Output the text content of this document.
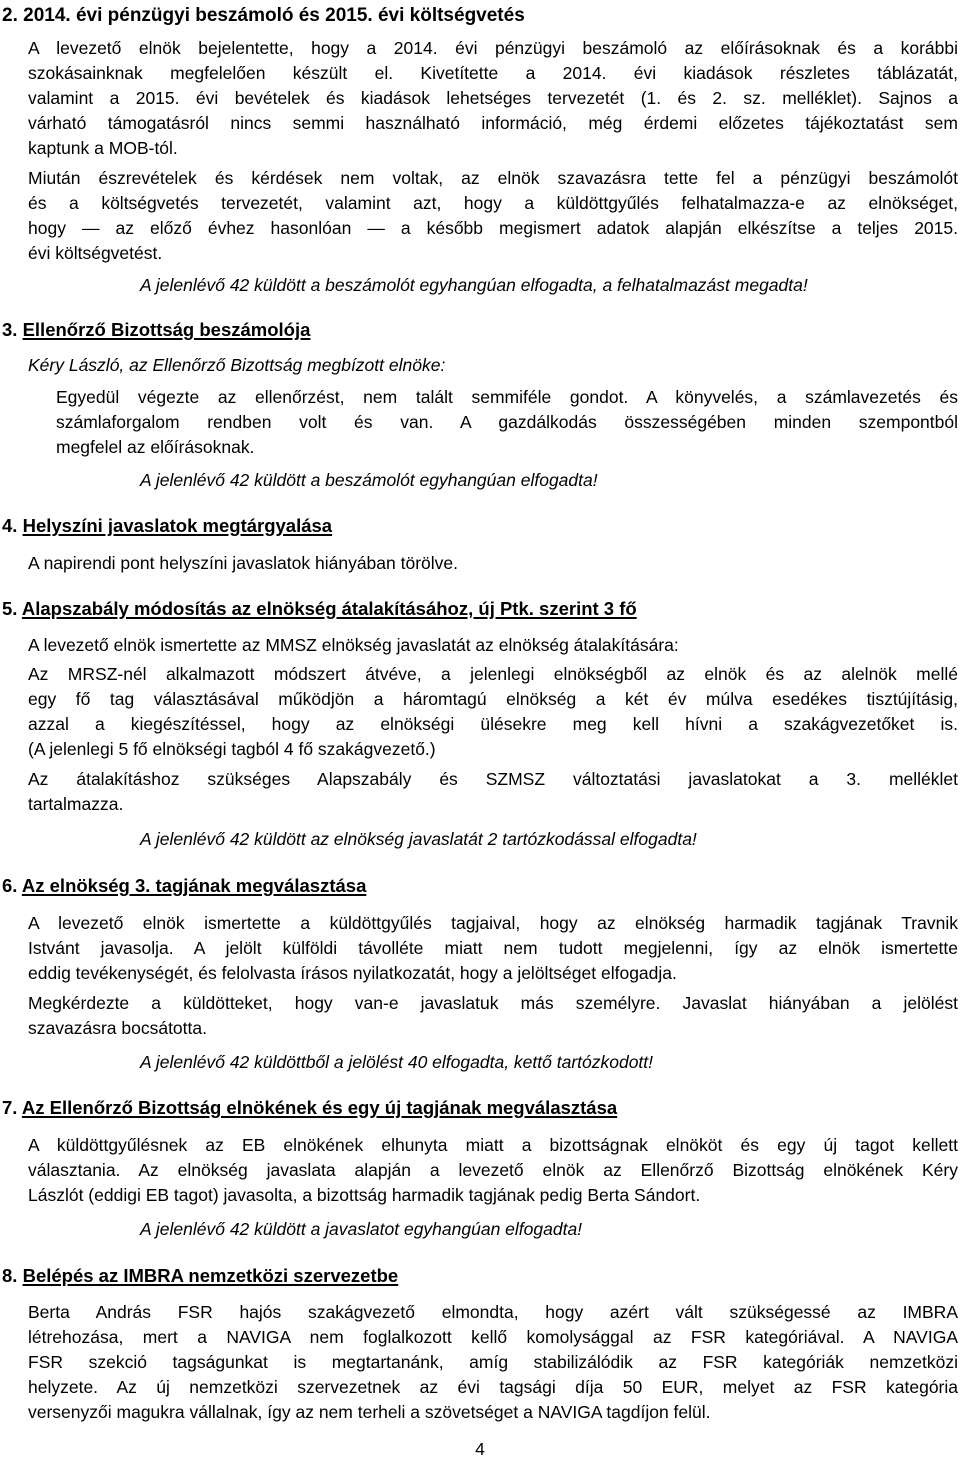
2. 2014. évi pénzügyi beszámoló és 2015. évi költségvetés
A levezető elnök bejelentette, hogy a 2014. évi pénzügyi beszámoló az előírásoknak és a korábbi
szokásainknak megfelelően készült el. Kivetítette a 2014. évi kiadások részletes táblázatát,
valamint a 2015. évi bevételek és kiadások lehetséges tervezetét (1. és 2. sz. melléklet). Sajnos a
várható támogatásról nincs semmi használható információ, még érdemi előzetes tájékoztatást sem
kaptunk a MOB-tól.
Miután észrevételek és kérdések nem voltak, az elnök szavazásra tette fel a pénzügyi beszámolót
és a költségvetés tervezetét, valamint azt, hogy a küldöttgyűlés felhatalmazza-e az elnökséget,
hogy — az előző évhez hasonlóan — a később megismert adatok alapján elkészítse a teljes 2015.
évi költségvetést.
A jelenlévő 42 küldött a beszámolót egyhangúan elfogadta, a felhatalmazást megadta!
3. Ellenőrző Bizottság beszámolója
Kéry László, az Ellenőrző Bizottság megbízott elnöke:
Egyedül végezte az ellenőrzést, nem talált semmiféle gondot. A könyvelés, a számlavezetés és
számlaforgalom rendben volt és van. A gazdálkodás összességében minden szempontból
megfelel az előírásoknak.
A jelenlévő 42 küldött a beszámolót egyhangúan elfogadta!
4. Helyszíni javaslatok megtárgyalása
A napirendi pont helyszíni javaslatok hiányában törölve.
5. Alapszabály módosítás az elnökség átalakításához, új Ptk. szerint 3 fő
A levezető elnök ismertette az MMSZ elnökség javaslatát az elnökség átalakítására:
Az MRSZ-nél alkalmazott módszert átvéve, a jelenlegi elnökségből az elnök és az alelnök mellé
egy fő tag választásával működjön a háromtagú elnökség a két év múlva esedékes tisztújításig,
azzal a kiegészítéssel, hogy az elnökségi ülésekre meg kell hívni a szakágvezetőket is.
(A jelenlegi 5 fő elnökségi tagból 4 fő szakágvezető.)
Az átalakításhoz szükséges Alapszabály és SZMSZ változtatási javaslatokat a 3. melléklet
tartalmazza.
A jelenlévő 42 küldött az elnökség javaslatát 2 tartózkodással elfogadta!
6. Az elnökség 3. tagjának megválasztása
A levezető elnök ismertette a küldöttgyűlés tagjaival, hogy az elnökség harmadik tagjának Travnik
Istvánt javasolja. A jelölt külföldi távolléte miatt nem tudott megjelenni, így az elnök ismertette
eddig tevékenységét, és felolvasta írásos nyilatkozatát, hogy a jelöltséget elfogadja.
Megkérdezte a küldötteket, hogy van-e javaslatuk más személyre. Javaslat hiányában a jelölést
szavazásra bocsátotta.
A jelenlévő 42 küldöttből a jelölést 40 elfogadta, kettő tartózkodott!
7. Az Ellenőrző Bizottság elnökének és egy új tagjának megválasztása
A küldöttgyűlésnek az EB elnökének elhunyta miatt a bizottságnak elnököt és egy új tagot kellett
választania. Az elnökség javaslata alapján a levezető elnök az Ellenőrző Bizottság elnökének Kéry
Lászlót (eddigi EB tagot) javasolta, a bizottság harmadik tagjának pedig Berta Sándort.
A jelenlévő 42 küldött a javaslatot egyhangúan elfogadta!
8. Belépés az IMBRA nemzetközi szervezetbe
Berta András FSR hajós szakágvezető elmondta, hogy azért vált szükségessé az IMBRA
létrehozása, mert a NAVIGA nem foglalkozott kellő komolysággal az FSR kategóriával. A NAVIGA
FSR szekció tagságunkat is megtartanánk, amíg stabilizálódik az FSR kategóriák nemzetközi
helyzete. Az új nemzetközi szervezetnek az évi tagsági díja 50 EUR, melyet az FSR kategória
versenyzői magukra vállalnak, így az nem terheli a szövetséget a NAVIGA tagdíjon felül.
4
